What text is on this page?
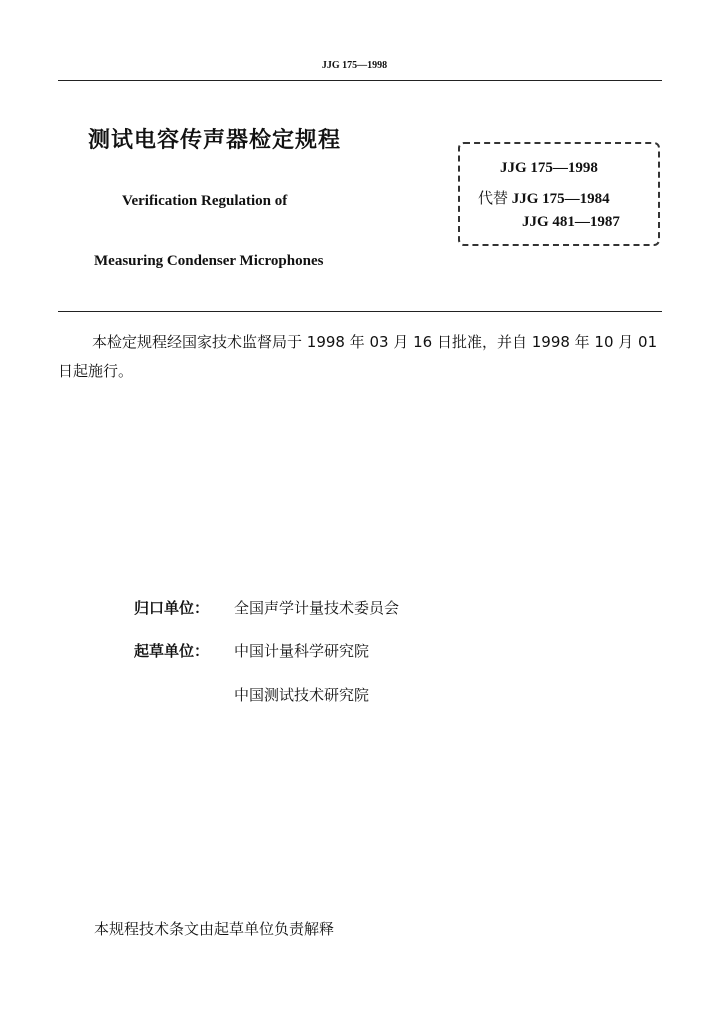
JJG 175—1998
测试电容传声器检定规程
Verification Regulation of
Measuring Condenser Microphones
JJG 175—1998
代替 JJG 175—1984
JJG 481—1987
本检定规程经国家技术监督局于 1998 年 03 月 16 日批准，并自 1998 年 10 月 01 日起施行。
归口单位： 全国声学计量技术委员会
起草单位： 中国计量科学研究院
中国测试技术研究院
本规程技术条文由起草单位负责解释
